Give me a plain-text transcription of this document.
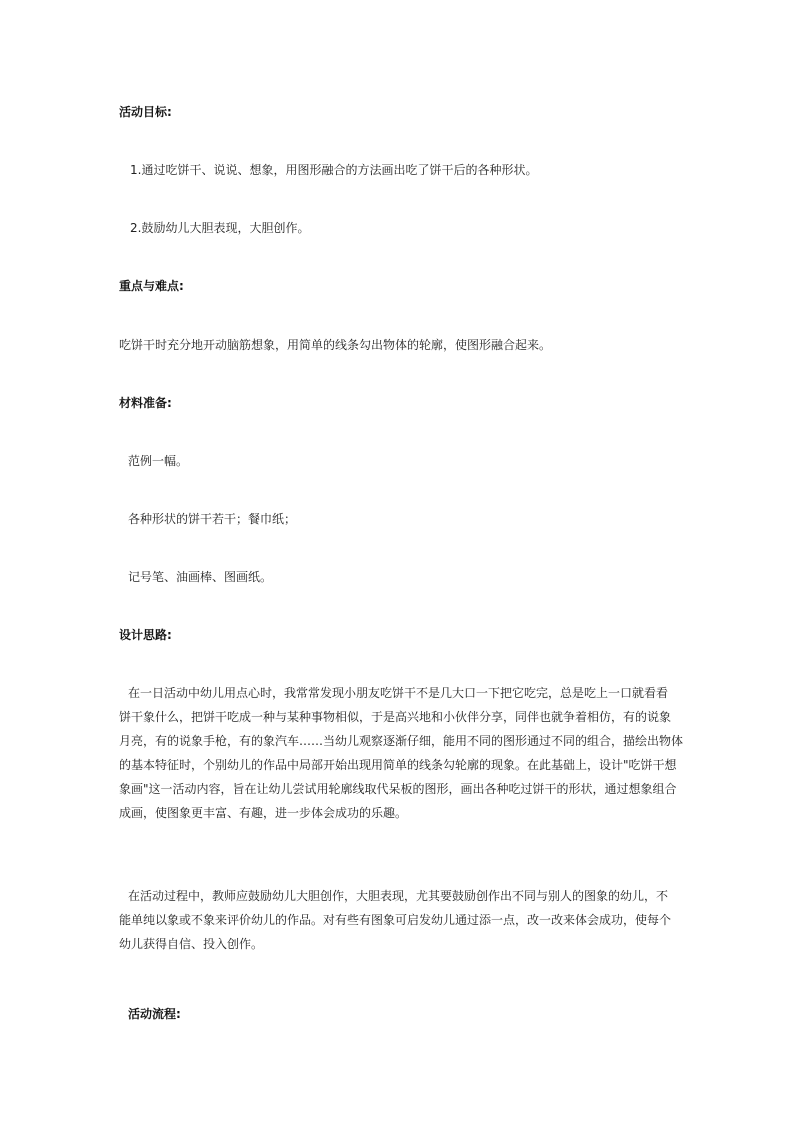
活动目标:
1.通过吃饼干、说说、想象，用图形融合的方法画出吃了饼干后的各种形状。
2.鼓励幼儿大胆表现，大胆创作。
重点与难点:
吃饼干时充分地开动脑筋想象，用简单的线条勾出物体的轮廓，使图形融合起来。
材料准备:
范例一幅。
各种形状的饼干若干；餐巾纸；
记号笔、油画棒、图画纸。
设计思路:
在一日活动中幼儿用点心时，我常常发现小朋友吃饼干不是几大口一下把它吃完，总是吃上一口就看看
饼干象什么，把饼干吃成一种与某种事物相似，于是高兴地和小伙伴分享，同伴也就争着相仿，有的说象
月亮，有的说象手枪，有的象汽车……当幼儿观察逐渐仔细，能用不同的图形通过不同的组合，描绘出物体
的基本特征时，个别幼儿的作品中局部开始出现用简单的线条勾轮廓的现象。在此基础上，设计"吃饼干想
象画"这一活动内容，旨在让幼儿尝试用轮廓线取代呆板的图形，画出各种吃过饼干的形状，通过想象组合
成画，使图象更丰富、有趣，进一步体会成功的乐趣。
在活动过程中，教师应鼓励幼儿大胆创作，大胆表现，尤其要鼓励创作出不同与别人的图象的幼儿，不
能单纯以象或不象来评价幼儿的作品。对有些有图象可启发幼儿通过添一点，改一改来体会成功，使每个
幼儿获得自信、投入创作。
活动流程:
